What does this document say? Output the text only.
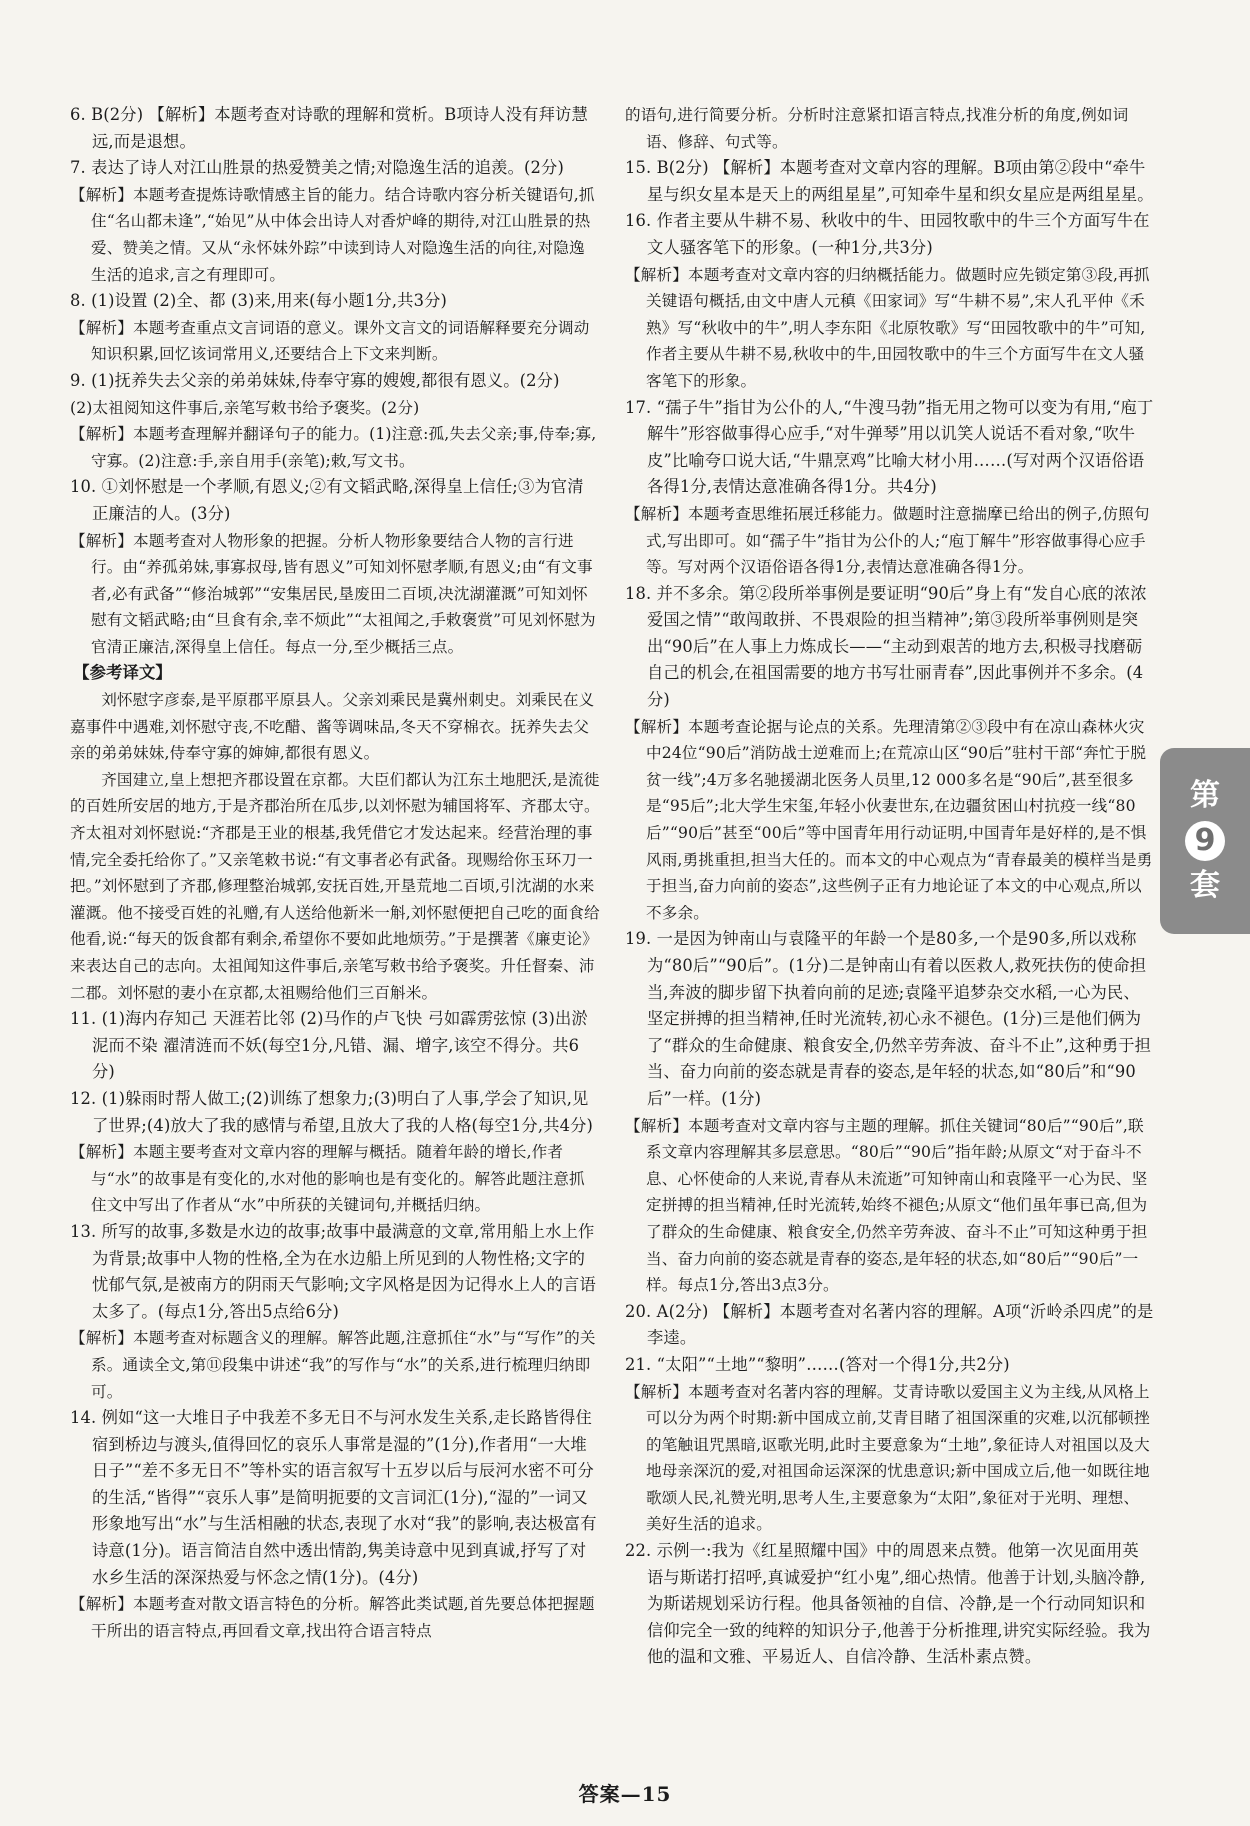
6. B(2分) 【解析】本题考查对诗歌的理解和赏析。B项诗人没有拜访慧远,而是退想。

7. 表达了诗人对江山胜景的热爱赞美之情;对隐逸生活的追羡。(2分)

【解析】本题考查提炼诗歌情感主旨的能力。结合诗歌内容分析关键语句,抓住“名山都未逢”,“始见”从中体会出诗人对香炉峰的期待,对江山胜景的热爱、赞美之情。又从“永怀妹外踪”中读到诗人对隐逸生活的向往,对隐逸生活的追求,言之有理即可。

8. (1)设置 (2)全、都 (3)来,用来(每小题1分,共3分)

【解析】本题考查重点文言词语的意义。课外文言文的词语解释要充分调动知识积累,回忆该词常用义,还要结合上下文来判断。

9. (1)抚养失去父亲的弟弟妹妹,侍奉守寡的嫂嫂,都很有恩义。(2分)

(2)太祖阅知这件事后,亲笔写敕书给予褒奖。(2分)

【解析】本题考查理解并翻译句子的能力。(1)注意:孤,失去父亲;事,侍奉;寡,守寡。(2)注意:手,亲自用手(亲笔);敕,写文书。

10. ①刘怀慰是一个孝顺,有恩义;②有文韬武略,深得皇上信任;③为官清正廉洁的人。(3分)

【解析】本题考查对人物形象的把握。分析人物形象要结合人物的言行进行。由“养孤弟妹,事寡叔母,皆有恩义”可知刘怀慰孝顺,有恩义;由“有文事者,必有武备”“修治城郭”“安集居民,垦废田二百顷,决沈湖灌溉”可知刘怀慰有文韬武略;由“旦食有余,幸不烦此”“太祖闻之,手敕褒赏”可见刘怀慰为官清正廉洁,深得皇上信任。每点一分,至少概括三点。

【参考译文】

刘怀慰字彦泰,是平原郡平原县人。父亲刘乘民是冀州刺史。刘乘民在义嘉事件中遇难,刘怀慰守丧,不吃醋、酱等调味品,冬天不穿棉衣。抚养失去父亲的弟弟妹妹,侍奉守寡的婶婶,都很有恩义。

齐国建立,皇上想把齐郡设置在京都。大臣们都认为江东土地肥沃,是流徙的百姓所安居的地方,于是齐郡治所在瓜步,以刘怀慰为辅国将军、齐郡太守。齐太祖对刘怀慰说:“齐郡是王业的根基,我凭借它才发达起来。经营治理的事情,完全委托给你了。”又亲笔敕书说:“有文事者必有武备。现赐给你玉环刀一把。”刘怀慰到了齐郡,修理整治城郭,安抚百姓,开垦荒地二百顷,引沈湖的水来灌溉。他不接受百姓的礼赠,有人送给他新米一斛,刘怀慰便把自己吃的面食给他看,说:“每天的饭食都有剩余,希望你不要如此地烦劳。”于是撰著《廉吏论》来表达自己的志向。太祖闻知这件事后,亲笔写敕书给予褒奖。升任督秦、沛二郡。刘怀慰的妻小在京都,太祖赐给他们三百斛米。

11. (1)海内存知己 天涯若比邻 (2)马作的卢飞快 弓如霹雳弦惊 (3)出淤泥而不染 濯清涟而不妖(每空1分,凡错、漏、增字,该空不得分。共6分)

12. (1)躲雨时帮人做工;(2)训练了想象力;(3)明白了人事,学会了知识,见了世界;(4)放大了我的感情与希望,且放大了我的人格(每空1分,共4分)

【解析】本题主要考查对文章内容的理解与概括。随着年龄的增长,作者与“水”的故事是有变化的,水对他的影响也是有变化的。解答此题注意抓住文中写出了作者从“水”中所获的关键词句,并概括归纳。

13. 所写的故事,多数是水边的故事;故事中最满意的文章,常用船上水上作为背景;故事中人物的性格,全为在水边船上所见到的人物性格;文字的忧郁气氛,是被南方的阴雨天气影响;文字风格是因为记得水上人的言语太多了。(每点1分,答出5点给6分)

【解析】本题考查对标题含义的理解。解答此题,注意抓住“水”与“写作”的关系。通读全文,第⑪段集中讲述“我”的写作与“水”的关系,进行梳理归纳即可。

14. 例如“这一大堆日子中我差不多无日不与河水发生关系,走长路皆得住宿到桥边与渡头,值得回忆的哀乐人事常是湿的”(1分),作者用“一大堆日子”“差不多无日不”等朴实的语言叙写十五岁以后与辰河水密不可分的生活,“皆得”“哀乐人事”是简明扼要的文言词汇(1分),“湿的”一词又形象地写出“水”与生活相融的状态,表现了水对“我”的影响,表达极富有诗意(1分)。语言简洁自然中透出情韵,隽美诗意中见到真诚,抒写了对水乡生活的深深热爱与怀念之情(1分)。(4分)

【解析】本题考查对散文语言特色的分析。解答此类试题,首先要总体把握题干所出的语言特点,再回看文章,找出符合语言特点

的语句,进行简要分析。分析时注意紧扣语言特点,找准分析的角度,例如词语、修辞、句式等。

15. B(2分) 【解析】本题考查对文章内容的理解。B项由第②段中“牵牛星与织女星本是天上的两组星星”,可知牵牛星和织女星应是两组星星。

16. 作者主要从牛耕不易、秋收中的牛、田园牧歌中的牛三个方面写牛在文人骚客笔下的形象。(一种1分,共3分)

【解析】本题考查对文章内容的归纳概括能力。做题时应先锁定第③段,再抓关键语句概括,由文中唐人元稹《田家词》写“牛耕不易”,宋人孔平仲《禾熟》写“秋收中的牛”,明人李东阳《北原牧歌》写“田园牧歌中的牛”可知,作者主要从牛耕不易,秋收中的牛,田园牧歌中的牛三个方面写牛在文人骚客笔下的形象。

17. “孺子牛”指甘为公仆的人,“牛溲马勃”指无用之物可以变为有用,“庖丁解牛”形容做事得心应手,“对牛弹琴”用以讥笑人说话不看对象,“吹牛皮”比喻夸口说大话,“牛鼎烹鸡”比喻大材小用……(写对两个汉语俗语各得1分,表情达意准确各得1分。共4分)

【解析】本题考查思维拓展迁移能力。做题时注意揣摩已给出的例子,仿照句式,写出即可。如“孺子牛”指甘为公仆的人;“庖丁解牛”形容做事得心应手等。写对两个汉语俗语各得1分,表情达意准确各得1分。

18. 并不多余。第②段所举事例是要证明“90后”身上有“发自心底的浓浓爱国之情”“敢闯敢拼、不畏艰险的担当精神”;第③段所举事例则是突出“90后”在人事上力炼成长——“主动到艰苦的地方去,积极寻找磨砺自己的机会,在祖国需要的地方书写壮丽青春”,因此事例并不多余。(4分)

【解析】本题考查论据与论点的关系。先理清第②③段中有在凉山森林火灾中24位“90后”消防战士逆难而上;在荒凉山区“90后”驻村干部“奔忙于脱贫一线”;4万多名驰援湖北医务人员里,12 000多名是“90后”,甚至很多是“95后”;北大学生宋玺,年轻小伙妻世东,在边疆贫困山村抗疫一线“80后”“90后”甚至“00后”等中国青年用行动证明,中国青年是好样的,是不惧风雨,勇挑重担,担当大任的。而本文的中心观点为“青春最美的模样当是勇于担当,奋力向前的姿态”,这些例子正有力地论证了本文的中心观点,所以不多余。

19. 一是因为钟南山与袁隆平的年龄一个是80多,一个是90多,所以戏称为“80后”“90后”。(1分)二是钟南山有着以医救人,救死扶伤的使命担当,奔波的脚步留下执着向前的足迹;袁隆平追梦杂交水稻,一心为民、坚定拼搏的担当精神,任时光流转,初心永不褪色。(1分)三是他们俩为了“群众的生命健康、粮食安全,仍然辛劳奔波、奋斗不止”,这种勇于担当、奋力向前的姿态就是青春的姿态,是年轻的状态,如“80后”和“90后”一样。(1分)

【解析】本题考查对文章内容与主题的理解。抓住关键词“80后”“90后”,联系文章内容理解其多层意思。“80后”“90后”指年龄;从原文“对于奋斗不息、心怀使命的人来说,青春从未流逝”可知钟南山和袁隆平一心为民、坚定拼搏的担当精神,任时光流转,始终不褪色;从原文“他们虽年事已高,但为了群众的生命健康、粮食安全,仍然辛劳奔波、奋斗不止”可知这种勇于担当、奋力向前的姿态就是青春的姿态,是年轻的状态,如“80后”“90后”一样。每点1分,答出3点3分。

20. A(2分) 【解析】本题考查对名著内容的理解。A项“沂岭杀四虎”的是李逵。

21. “太阳”“土地”“黎明”……(答对一个得1分,共2分)

【解析】本题考查对名著内容的理解。艾青诗歌以爱国主义为主线,从风格上可以分为两个时期:新中国成立前,艾青目睹了祖国深重的灾难,以沉郁顿挫的笔触诅咒黑暗,讴歌光明,此时主要意象为“土地”,象征诗人对祖国以及大地母亲深沉的爱,对祖国命运深深的忧患意识;新中国成立后,他一如既往地歌颂人民,礼赞光明,思考人生,主要意象为“太阳”,象征对于光明、理想、美好生活的追求。

22. 示例一:我为《红星照耀中国》中的周恩来点赞。他第一次见面用英语与斯诺打招呼,真诚爱护“红小鬼”,细心热情。他善于计划,头脑冷静,为斯诺规划采访行程。他具备领袖的自信、冷静,是一个行动同知识和信仰完全一致的纯粹的知识分子,他善于分析推理,讲究实际经验。我为他的温和文雅、平易近人、自信冷静、生活朴素点赞。

第
9
套
答案—15
